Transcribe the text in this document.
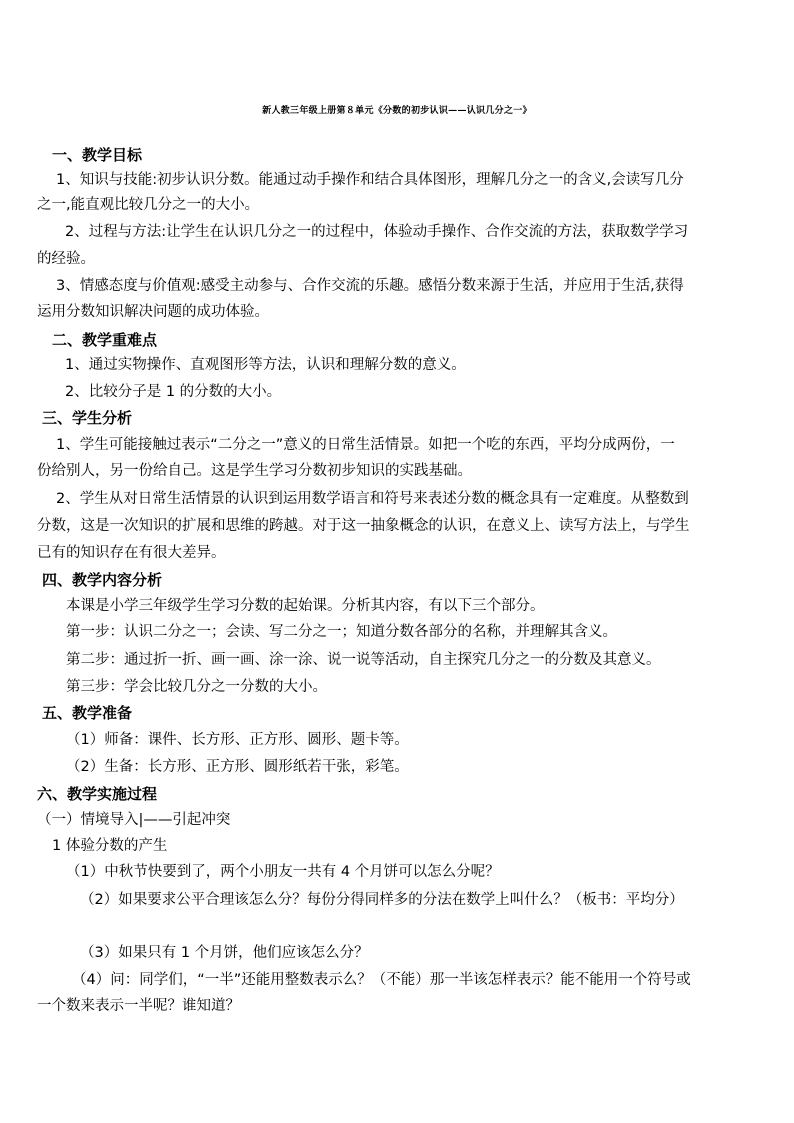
新人教三年级上册第８单元《分数的初步认识——认识几分之一》
一、教学目标
1、知识与技能:初步认识分数。能通过动手操作和结合具体图形，理解几分之一的含义,会读写几分
之一,能直观比较几分之一的大小。
2、过程与方法:让学生在认识几分之一的过程中，体验动手操作、合作交流的方法，获取数学学习
的经验。
3、情感态度与价值观:感受主动参与、合作交流的乐趣。感悟分数来源于生活，并应用于生活,获得
运用分数知识解决问题的成功体验。
二、教学重难点
1、通过实物操作、直观图形等方法，认识和理解分数的意义。
2、比较分子是 1 的分数的大小。
三、学生分析
1、学生可能接触过表示“二分之一”意义的日常生活情景。如把一个吃的东西，平均分成两份，一
份给别人，另一份给自己。这是学生学习分数初步知识的实践基础。
2、学生从对日常生活情景的认识到运用数学语言和符号来表述分数的概念具有一定难度。从整数到
分数，这是一次知识的扩展和思维的跨越。对于这一抽象概念的认识，在意义上、读写方法上，与学生
已有的知识存在有很大差异。
四、教学内容分析
本课是小学三年级学生学习分数的起始课。分析其内容，有以下三个部分。
第一步：认识二分之一；会读、写二分之一；知道分数各部分的名称，并理解其含义。
第二步：通过折一折、画一画、涂一涂、说一说等活动，自主探究几分之一的分数及其意义。
第三步：学会比较几分之一分数的大小。
五、教学准备
（1）师备：课件、长方形、正方形、圆形、题卡等。
（2）生备：长方形、正方形、圆形纸若干张，彩笔。
六、教学实施过程
（一）情境导入|——引起冲突
1 体验分数的产生
（1）中秋节快要到了，两个小朋友一共有 4 个月饼可以怎么分呢？
（2）如果要求公平合理该怎么分？每份分得同样多的分法在数学上叫什么？（板书：平均分）
（3）如果只有 1 个月饼，他们应该怎么分？
（4）问：同学们，“一半”还能用整数表示么？（不能）那一半该怎样表示？能不能用一个符号或
一个数来表示一半呢？谁知道？
